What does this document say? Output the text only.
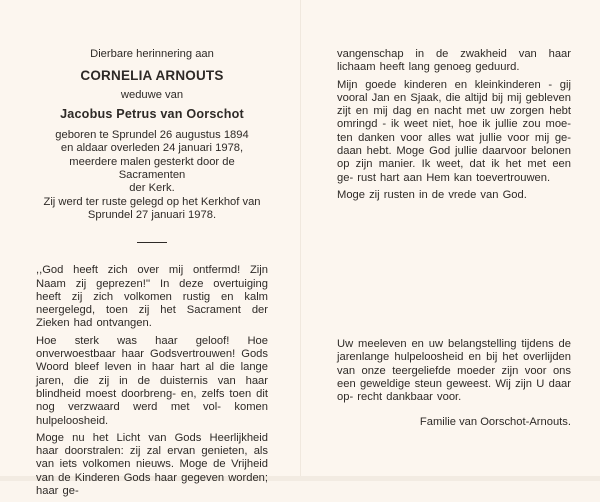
Dierbare herinnering aan

CORNELIA ARNOUTS
weduwe van
Jacobus Petrus van Oorschot
geboren te Sprundel 26 augustus 1894
en aldaar overleden 24 januari 1978,
meerdere malen gesterkt door de Sacramenten
der Kerk.
Zij werd ter ruste gelegd op het Kerkhof van
Sprundel 27 januari 1978.

,,God heeft zich over mij ontfermd! Zijn Naam zij geprezen!'' In deze overtuiging heeft zij zich volkomen rustig en kalm neergelegd, toen zij het Sacrament der Zieken had ontvangen.

Hoe sterk was haar geloof! Hoe onverwoestbaar haar Godsvertrouwen! Gods Woord bleef leven in haar hart al die lange jaren, die zij in de duisternis van haar blindheid moest doorbreng- en, zelfs toen dit nog verzwaard werd met vol- komen hulpeloosheid.

Moge nu het Licht van Gods Heerlijkheid haar doorstralen: zij zal ervan genieten, als van iets volkomen nieuws. Moge de Vrijheid van de Kinderen Gods haar gegeven worden; haar ge-

vangenschap in de zwakheid van haar lichaam heeft lang genoeg geduurd.

Mijn goede kinderen en kleinkinderen - gij vooral Jan en Sjaak, die altijd bij mij gebleven zijt en mij dag en nacht met uw zorgen hebt omringd - ik weet niet, hoe ik jullie zou moe- ten danken voor alles wat jullie voor mij ge- daan hebt. Moge God jullie daarvoor belonen op zijn manier. Ik weet, dat ik het met een ge- rust hart aan Hem kan toevertrouwen.

Moge zij rusten in de vrede van God.

Uw meeleven en uw belangstelling tijdens de jarenlange hulpeloosheid en bij het overlijden van onze teergeliefde moeder zijn voor ons een geweldige steun geweest. Wij zijn U daar op- recht dankbaar voor.

Familie van Oorschot-Arnouts.
